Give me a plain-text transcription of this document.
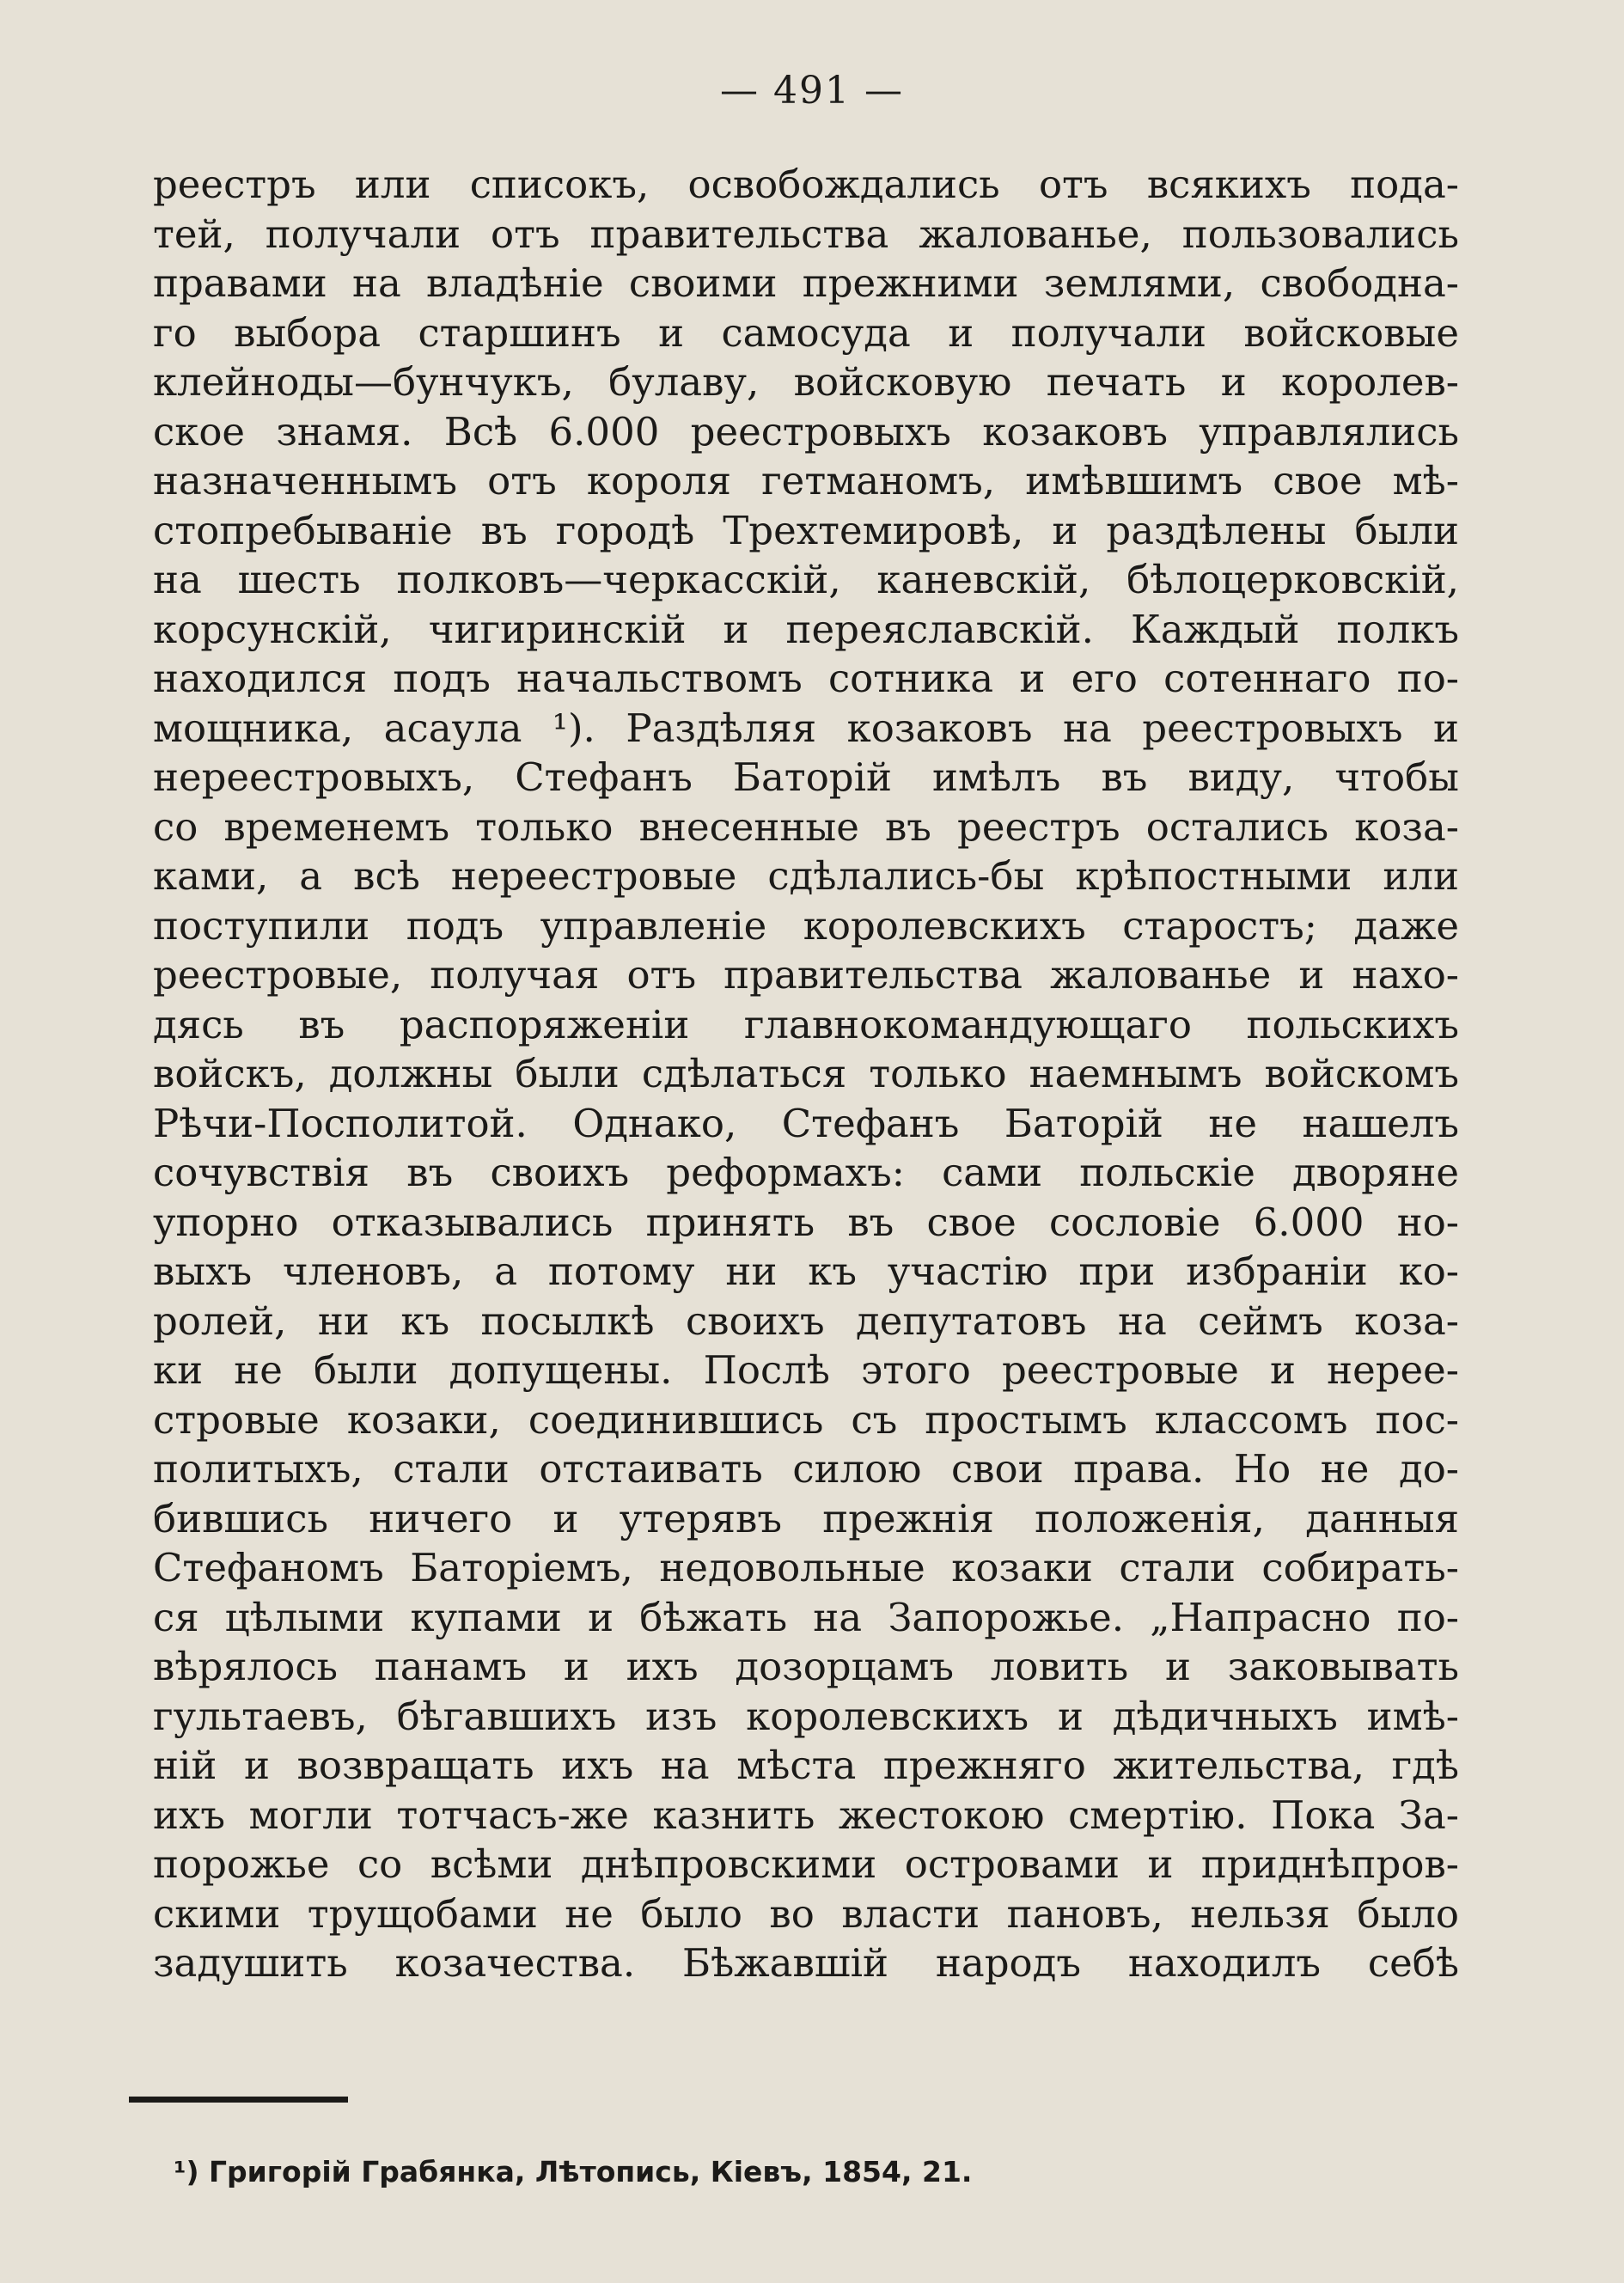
— 491 —
реестръ или списокъ, освобождались отъ всякихъ пода-
тей, получали отъ правительства жалованье, пользовались
правами на владѣніе своими прежними землями, свободна-
го выбора старшинъ и самосуда и получали войсковые
клейноды—бунчукъ, булаву, войсковую печать и королев-
ское знамя. Всѣ 6.000 реестровыхъ козаковъ управлялись
назначеннымъ отъ короля гетманомъ, имѣвшимъ свое мѣ-
стопребываніе въ городѣ Трехтемировѣ, и раздѣлены были
на шесть полковъ—черкасскій, каневскій, бѣлоцерковскій,
корсунскій, чигиринскій и переяславскій. Каждый полкъ
находился подъ начальствомъ сотника и его сотеннаго по-
мощника, асаула ¹). Раздѣляя козаковъ на реестровыхъ и
нереестровыхъ, Стефанъ Баторій имѣлъ въ виду, чтобы
со временемъ только внесенные въ реестръ остались коза-
ками, а всѣ нереестровые сдѣлались-бы крѣпостными или
поступили подъ управленіе королевскихъ старостъ; даже
реестровые, получая отъ правительства жалованье и нахо-
дясь въ распоряженіи главнокомандующаго польскихъ
войскъ, должны были сдѣлаться только наемнымъ войскомъ
Рѣчи-Посполитой. Однако, Стефанъ Баторій не нашелъ
сочувствія въ своихъ реформахъ: сами польскіе дворяне
упорно отказывались принять въ свое сословіе 6.000 но-
выхъ членовъ, а потому ни къ участію при избраніи ко-
ролей, ни къ посылкѣ своихъ депутатовъ на сеймъ коза-
ки не были допущены. Послѣ этого реестровые и нерее-
стровые козаки, соединившись съ простымъ классомъ пос-
политыхъ, стали отстаивать силою свои права. Но не до-
бившись ничего и утерявъ прежнія положенія, данныя
Стефаномъ Баторіемъ, недовольные козаки стали собирать-
ся цѣлыми купами и бѣжать на Запорожье. „Напрасно по-
вѣрялось панамъ и ихъ дозорцамъ ловить и заковывать
гультаевъ, бѣгавшихъ изъ королевскихъ и дѣдичныхъ имѣ-
ній и возвращать ихъ на мѣста прежняго жительства, гдѣ
ихъ могли тотчасъ-же казнить жестокою смертію. Пока За-
порожье со всѣми днѣпровскими островами и приднѣпров-
скими трущобами не было во власти пановъ, нельзя было
задушить козачества. Бѣжавшій народъ находилъ себѣ
¹) Григорій Грабянка, Лѣтопись, Кіевъ, 1854, 21.
